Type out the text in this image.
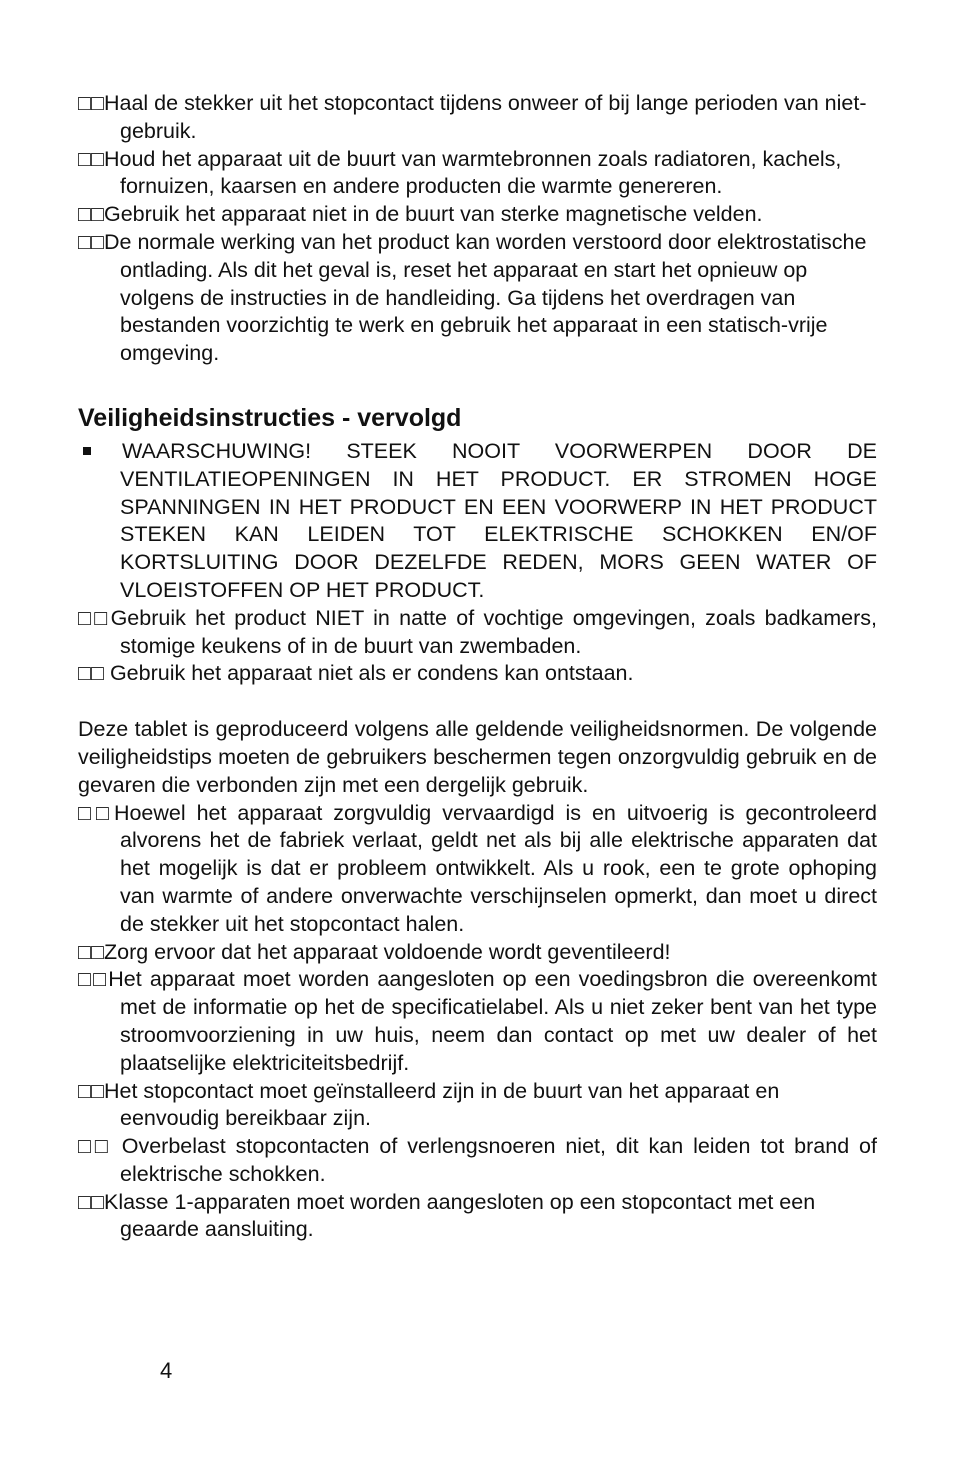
□□Haal de stekker uit het stopcontact tijdens onweer of bij lange perioden van niet-gebruik.
□□Houd het apparaat uit de buurt van warmtebronnen zoals radiatoren, kachels, fornuizen, kaarsen en andere producten die warmte genereren.
□□Gebruik het apparaat niet in de buurt van sterke magnetische velden.
□□De normale werking van het product kan worden verstoord door elektrostatische ontlading. Als dit het geval is, reset het apparaat en start het opnieuw op volgens de instructies in de handleiding. Ga tijdens het overdragen van bestanden voorzichtig te werk en gebruik het apparaat in een statisch-vrije omgeving.
Veiligheidsinstructies - vervolgd
WAARSCHUWING! STEEK NOOIT VOORWERPEN DOOR DE VENTILATIEOPENINGEN IN HET PRODUCT. ER STROMEN HOGE SPANNINGEN IN HET PRODUCT EN EEN VOORWERP IN HET PRODUCT STEKEN KAN LEIDEN TOT ELEKTRISCHE SCHOKKEN EN/OF KORTSLUITING DOOR DEZELFDE REDEN, MORS GEEN WATER OF VLOEISTOFFEN OP HET PRODUCT.
□□Gebruik het product NIET in natte of vochtige omgevingen, zoals badkamers, stomige keukens of in de buurt van zwembaden.
□□ Gebruik het apparaat niet als er condens kan ontstaan.
Deze tablet is geproduceerd volgens alle geldende veiligheidsnormen. De volgende veiligheidstips moeten de gebruikers beschermen tegen onzorgvuldig gebruik en de gevaren die verbonden zijn met een dergelijk gebruik.
□□Hoewel het apparaat zorgvuldig vervaardigd is en uitvoerig is gecontroleerd alvorens het de fabriek verlaat, geldt net als bij alle elektrische apparaten dat het mogelijk is dat er probleem ontwikkelt. Als u rook, een te grote ophoping van warmte of andere onverwachte verschijnselen opmerkt, dan moet u direct de stekker uit het stopcontact halen.
□□Zorg ervoor dat het apparaat voldoende wordt geventileerd!
□□Het apparaat moet worden aangesloten op een voedingsbron die overeenkomt met de informatie op het de specificatielabel. Als u niet zeker bent van het type stroomvoorziening in uw huis, neem dan contact op met uw dealer of het plaatselijke elektriciteitsbedrijf.
□□Het stopcontact moet geïnstalleerd zijn in de buurt van het apparaat en eenvoudig bereikbaar zijn.
□□ Overbelast stopcontacten of verlengsnoeren niet, dit kan leiden tot brand of elektrische schokken.
□□Klasse 1-apparaten moet worden aangesloten op een stopcontact met een geaarde aansluiting.
4
